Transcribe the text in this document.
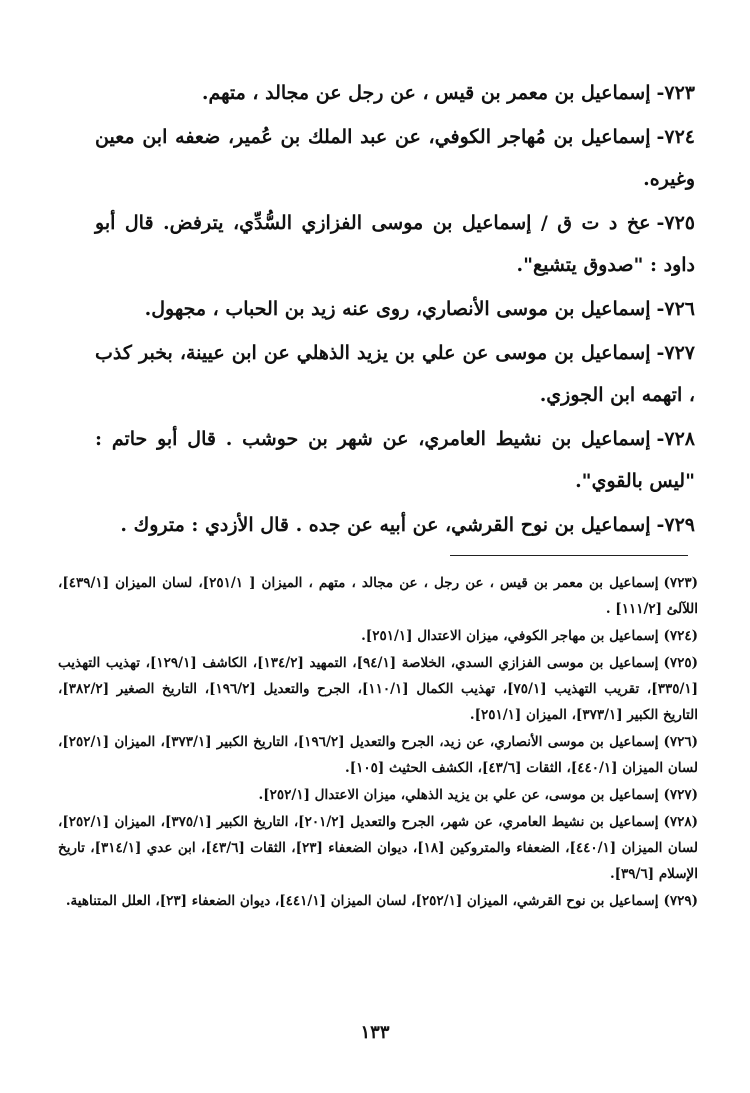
٧٢٣-إسماعيل بن معمر بن قيس ، عن رجل عن مجالد ، متهم.
٧٢٤-إسماعيل بن مُهاجر الكوفي، عن عبد الملك بن عُمير، ضعفه ابن معين وغيره.
٧٢٥-عخ د ت ق / إسماعيل بن موسى الفزازي السُّدِّي، يترفض. قال أبو داود : "صدوق يتشيع".
٧٢٦-إسماعيل بن موسى الأنصاري، روى عنه زيد بن الحباب ، مجهول.
٧٢٧-إسماعيل بن موسى عن علي بن يزيد الذهلي عن ابن عيينة، بخبر كذب ، اتهمه ابن الجوزي.
٧٢٨-إسماعيل بن نشيط العامري، عن شهر بن حوشب . قال أبو حاتم : "ليس بالقوي".
٧٢٩-إسماعيل بن نوح القرشي، عن أبيه عن جده . قال الأزدي : متروك .
(٧٢٣)إسماعيل بن معمر بن قيس ، عن رجل ، عن مجالد ، متهم ، الميزان [ ٢٥١/١]، لسان الميزان [٤٣٩/١]، اللآلئ [١١١/٢] .
(٧٢٤)إسماعيل بن مهاجر الكوفي، ميزان الاعتدال [٢٥١/١].
(٧٢٥)إسماعيل بن موسى الفزازي السدي، الخلاصة [٩٤/١]، التمهيد [١٣٤/٢]، الكاشف [١٢٩/١]، تهذيب التهذيب [٣٣٥/١]، تقريب التهذيب [٧٥/١]، تهذيب الكمال [١١٠/١]، الجرح والتعديل [١٩٦/٢]، التاريخ الصغير [٣٨٢/٢]، التاريخ الكبير [٣٧٣/١]، الميزان [٢٥١/١].
(٧٢٦)إسماعيل بن موسى الأنصاري، عن زيد، الجرح والتعديل [١٩٦/٢]، التاريخ الكبير [٣٧٣/١]، الميزان [٢٥٢/١]، لسان الميزان [٤٤٠/١]، الثقات [٤٣/٦]، الكشف الحثيث [١٠٥].
(٧٢٧)إسماعيل بن موسى، عن علي بن يزيد الذهلي، ميزان الاعتدال [٢٥٢/١].
(٧٢٨)إسماعيل بن نشيط العامري، عن شهر، الجرح والتعديل [٢٠١/٢]، التاريخ الكبير [٣٧٥/١]، الميزان [٢٥٢/١]، لسان الميزان [٤٤٠/١]، الضعفاء والمتروكين [١٨]، ديوان الضعفاء [٢٣]، الثقات [٤٣/٦]، ابن عدي [٣١٤/١]، تاريخ الإسلام [٣٩/٦].
(٧٢٩)إسماعيل بن نوح القرشي، الميزان [٢٥٢/١]، لسان الميزان [٤٤١/١]، ديوان الضعفاء [٢٣]، العلل المتناهية.
١٣٣
